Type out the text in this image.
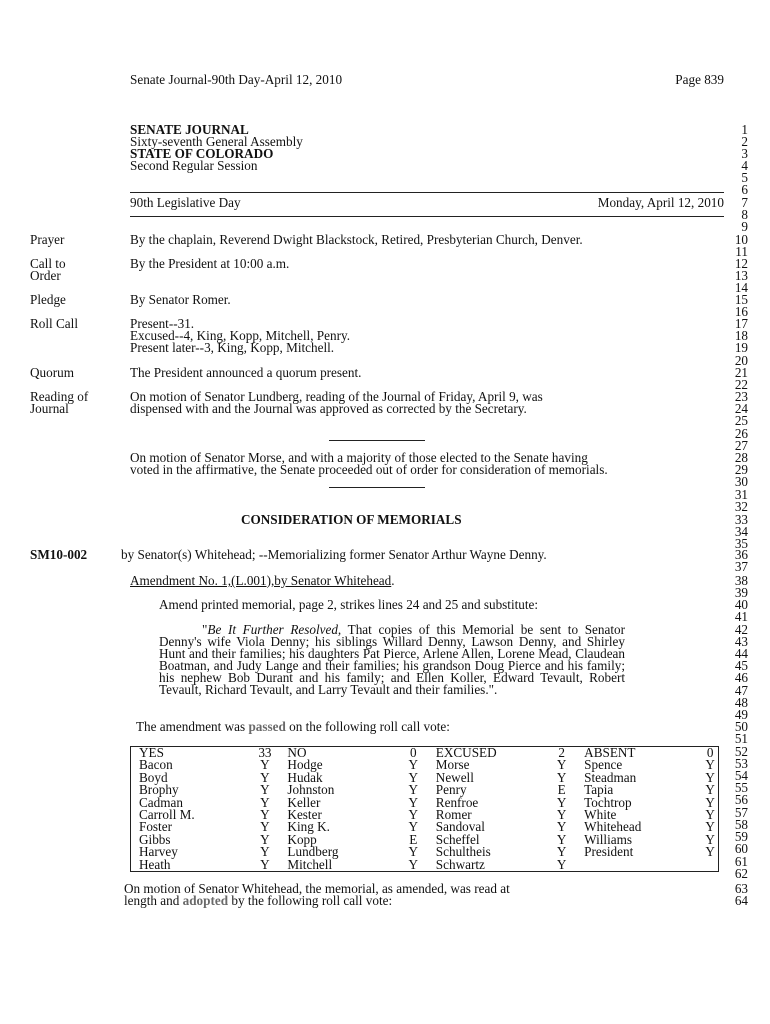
Senate Journal-90th Day-April 12, 2010	Page 839
SENATE JOURNAL
Sixty-seventh General Assembly
STATE OF COLORADO
Second Regular Session
90th Legislative Day	Monday, April 12, 2010
Prayer	By the chaplain, Reverend Dwight Blackstock, Retired, Presbyterian Church, Denver.
Call to
Order
By the President at 10:00 a.m.
Pledge	By Senator Romer.
Roll Call	Present--31.
Excused--4, King, Kopp, Mitchell, Penry.
Present later--3, King, Kopp, Mitchell.
Quorum	The President announced a quorum present.
Reading of
Journal
On motion of Senator Lundberg, reading of the Journal of Friday, April 9, was
dispensed with and the Journal was approved as corrected by the Secretary.
On motion of Senator Morse, and with a majority of those elected to the Senate having
voted in the affirmative, the Senate proceeded out of order for consideration of memorials.
CONSIDERATION OF MEMORIALS
SM10-002	by Senator(s) Whitehead; --Memorializing former Senator Arthur Wayne Denny.
Amendment No. 1,(L.001),by Senator Whitehead.
Amend printed memorial, page 2, strikes lines 24 and 25 and substitute:
"Be It Further Resolved, That copies of this Memorial be sent to Senator Denny's wife Viola Denny; his siblings Willard Denny, Lawson Denny, and Shirley Hunt and their families; his daughters Pat Pierce, Arlene Allen, Lorene Mead, Claudean Boatman, and Judy Lange and their families; his grandson Doug Pierce and his family; his nephew Bob Durant and his family; and Ellen Koller, Edward Tevault, Robert Tevault, Richard Tevault, and Larry Tevault and their families.".
The amendment was passed on the following roll call vote:
YES	33		NO	0		EXCUSED	2		ABSENT	0
Bacon	Y		Hodge	Y		Morse	Y		Spence	Y
Boyd	Y		Hudak	Y		Newell	Y		Steadman	Y
Brophy	Y		Johnston	Y		Penry	E		Tapia	Y
Cadman	Y		Keller	Y		Renfroe	Y		Tochtrop	Y
Carroll M.	Y		Kester	Y		Romer	Y		White	Y
Foster	Y		King K.	Y		Sandoval	Y		Whitehead	Y
Gibbs	Y		Kopp	E		Scheffel	Y		Williams	Y
Harvey	Y		Lundberg	Y		Schultheis	Y		President	Y
Heath	Y		Mitchell	Y		Schwartz	Y			
On motion of Senator Whitehead, the memorial, as amended, was read at
length and adopted by the following roll call vote:
1
2
3
4
5
6
7
8
9
10
11
12
13
14
15
16
17
18
19
20
21
22
23
24
25
26
27
28
29
30
31
32
33
34
35
36
37
38
39
40
41
42
43
44
45
46
47
48
49
50
51
52
53
54
55
56
57
58
59
60
61
62
63
64
